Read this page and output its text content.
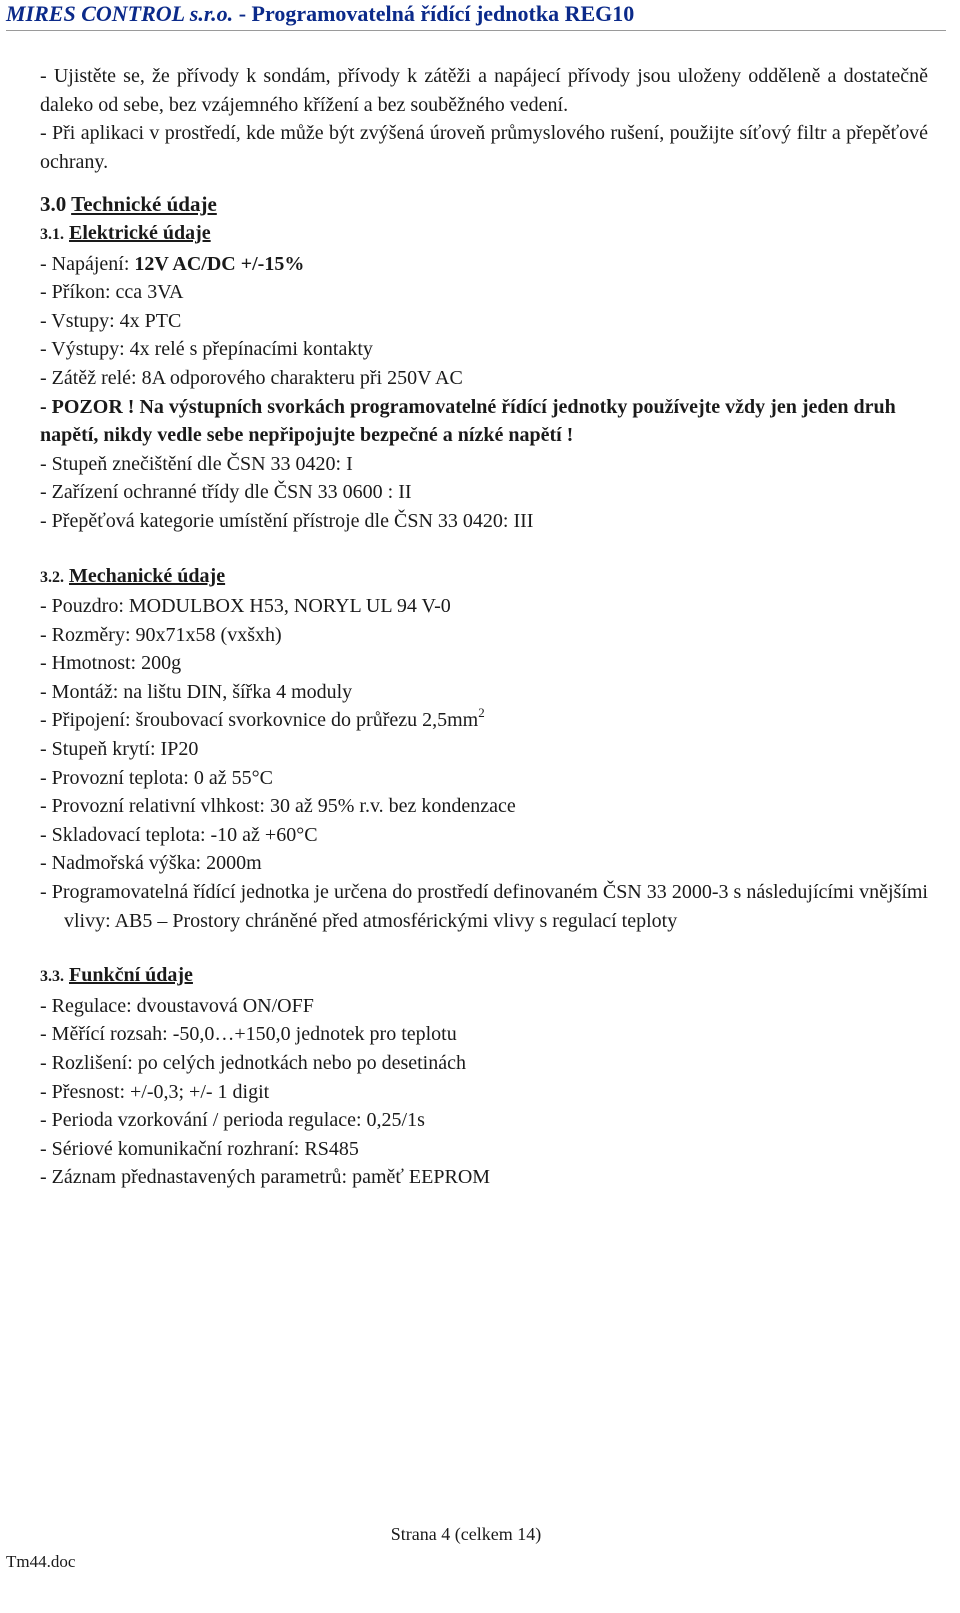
MIRES CONTROL s.r.o. - Programovatelná řídící jednotka REG10

- Ujistěte se, že přívody k sondám, přívody k zátěži a napájecí přívody jsou uloženy odděleně a dostatečně daleko od sebe, bez vzájemného křížení a bez souběžného vedení.

- Při aplikaci v prostředí, kde může být zvýšená úroveň průmyslového rušení, použijte síťový filtr a přepěťové ochrany.

3.0 Technické údaje
3.1. Elektrické údaje

- Napájení: 12V AC/DC +/-15%

- Příkon: cca 3VA

- Vstupy: 4x PTC

- Výstupy: 4x relé s přepínacími kontakty

- Zátěž relé: 8A odporového charakteru při 250V AC

- POZOR ! Na výstupních svorkách programovatelné řídící jednotky používejte vždy jen jeden druh napětí, nikdy vedle sebe nepřipojujte bezpečné a nízké napětí !

- Stupeň znečištění dle ČSN 33 0420: I

- Zařízení ochranné třídy dle ČSN 33 0600 : II

- Přepěťová kategorie umístění přístroje dle ČSN 33 0420: III

3.2. Mechanické údaje

- Pouzdro: MODULBOX H53, NORYL UL 94 V-0

- Rozměry: 90x71x58 (vxšxh)

- Hmotnost: 200g

- Montáž: na lištu DIN, šířka 4 moduly

- Připojení: šroubovací svorkovnice do průřezu $2,5mm^2$

- Stupeň krytí: IP20

- Provozní teplota: 0 až 55°C

- Provozní relativní vlhkost: 30 až 95% r.v. bez kondenzace

- Skladovací teplota: -10 až +60°C

- Nadmořská výška: 2000m

- Programovatelná řídící jednotka je určena do prostředí definovaném ČSN 33 2000-3 s následujícími vnějšími vlivy: AB5 – Prostory chráněné před atmosférickými vlivy s regulací teploty

3.3. Funkční údaje

- Regulace: dvoustavová ON/OFF

- Měřící rozsah: -50,0…+150,0 jednotek pro teplotu

- Rozlišení: po celých jednotkách nebo po desetinách

- Přesnost: +/-0,3; +/- 1 digit

- Perioda vzorkování / perioda regulace: 0,25/1s

- Sériové komunikační rozhraní: RS485

- Záznam přednastavených parametrů: paměť EEPROM

Strana 4 (celkem 14)
Tm44.doc
